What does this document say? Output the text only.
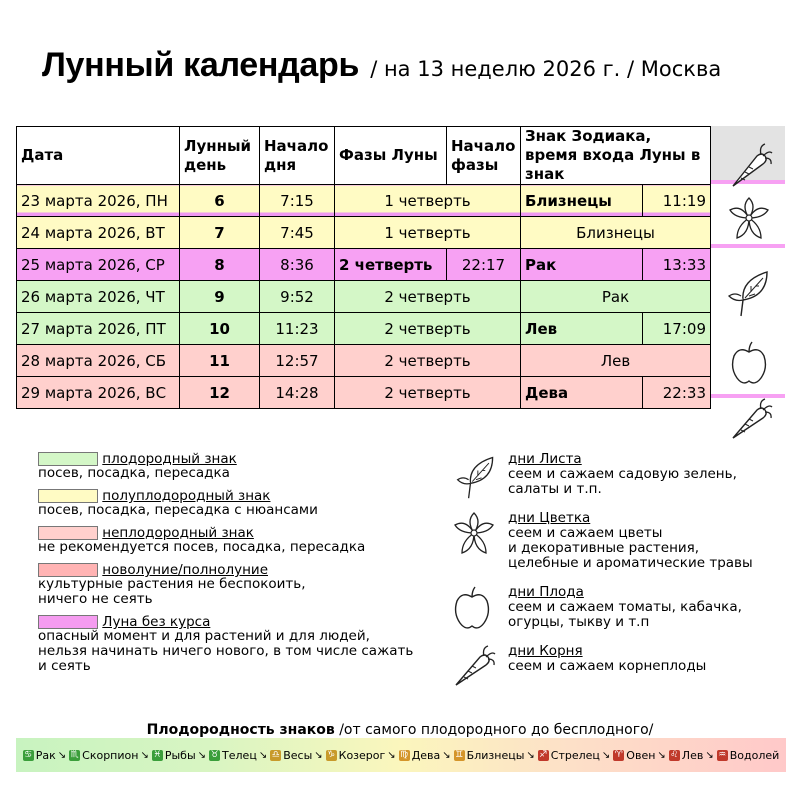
Лунный календарь / на 13 неделю 2026 г. / Москва
Дата	Лунный день	Начало дня	Фазы Луны	Начало фазы	Знак Зодиака, время входа Луны в знак	
23 марта 2026, ПН	6	7:15	1 четверть		Близнецы	11:19
24 марта 2026, ВТ	7	7:45	1 четверть		Близнецы	
25 марта 2026, СР	8	8:36	2 четверть	22:17	Рак	13:33
26 марта 2026, ЧТ	9	9:52	2 четверть		Рак	
27 марта 2026, ПТ	10	11:23	2 четверть		Лев	17:09
28 марта 2026, СБ	11	12:57	2 четверть		Лев	
29 марта 2026, ВС	12	14:28	2 четверть		Дева	22:33
плодородный знак
посев, посадка, пересадка
полуплодородный знак
посев, посадка, пересадка с нюансами
неплодородный знак
не рекомендуется посев, посадка, пересадка
новолуние/полнолуние
культурные растения не беспокоить,
ничего не сеять
Луна без курса
опасный момент и для растений и для людей,
нельзя начинать ничего нового, в том числе сажать
и сеять
дни Листа
сеем и сажаем садовую зелень,
салаты и т.п.
дни Цветка
сеем и сажаем цветы
и декоративные растения,
целебные и ароматические травы
дни Плода
сеем и сажаем томаты, кабачка,
огурцы, тыкву и т.п
дни Корня
сеем и сажаем корнеплоды
Плодородность знаков /от самого плодородного до бесплодного/
♋ Рак ↘ ♏ Скорпион ↘ ♓ Рыбы ↘ ♉ Телец ↘ ♎ Весы ↘ ♑ Козерог ↘ ♍ Дева ↘ ♊ Близнецы ↘ ♐ Стрелец ↘ ♈ Овен ↘ ♌ Лев ↘ ♒ Водолей
